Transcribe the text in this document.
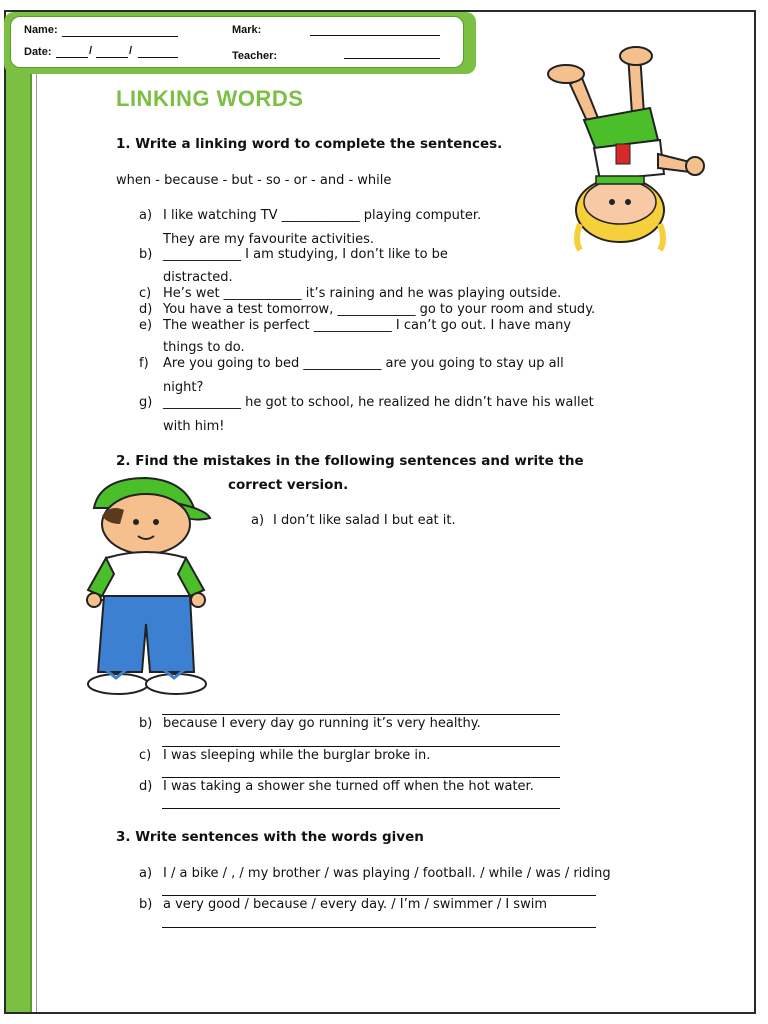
Name:
Date:	/	/
Mark:
Teacher:
LINKING WORDS
1. Write a linking word to complete the sentences.
when - because - but - so - or - and - while
a) I like watching TV ____________ playing computer.
They are my favourite activities.
b) ____________ I am studying, I don’t like to be
distracted.
c) He’s wet ____________ it’s raining and he was playing outside.
d) You have a test tomorrow, ____________ go to your room and study.
e) The weather is perfect ____________ I can’t go out. I have many
things to do.
f) Are you going to bed ____________ are you going to stay up all
night?
g) ____________ he got to school, he realized he didn’t have his wallet
with him!
2. Find the mistakes in the following sentences and write the
correct version.
a) I don’t like salad I but eat it.
b) because I every day go running it’s very healthy.
c) I was sleeping while the burglar broke in.
d) I was taking a shower she turned off when the hot water.
3. Write sentences with the words given
a) I / a bike / , / my brother / was playing / football. / while / was / riding
b) a very good / because / every day. / I’m / swimmer / I swim
